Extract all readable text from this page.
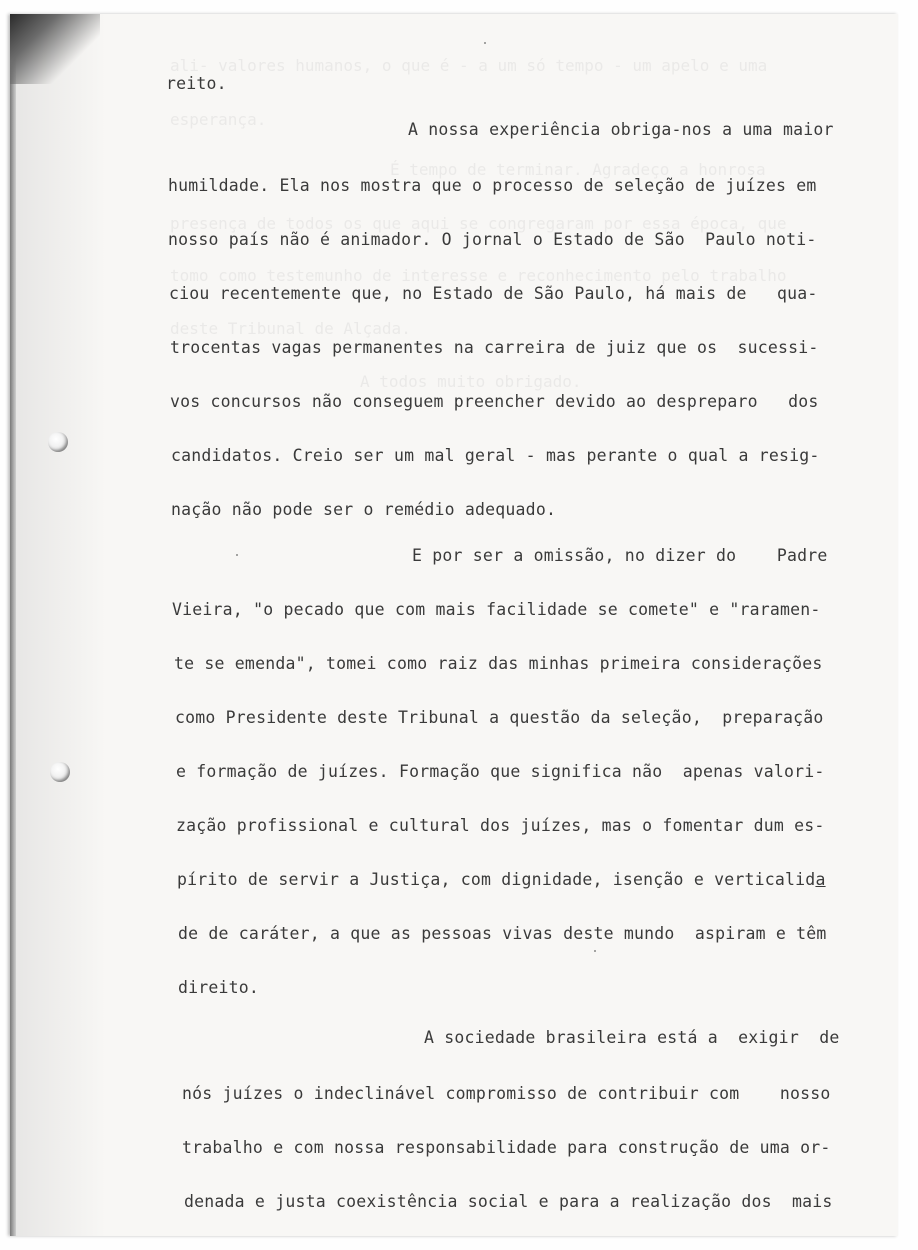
ali- valores humanos, o que é - a um só tempo - um apelo e uma
esperança.
É tempo de terminar. Agradeço a honrosa
presença de todos os que aqui se congregaram por essa época, que
tomo como testemunho de interesse e reconhecimento pelo trabalho
deste Tribunal de Alçada.
A todos muito obrigado.
reito.
A nossa experiência obriga-nos a uma maior
humildade. Ela nos mostra que o processo de seleção de juízes em
nosso país não é animador. O jornal o Estado de São  Paulo noti-
ciou recentemente que, no Estado de São Paulo, há mais de   qua-
trocentas vagas permanentes na carreira de juiz que os  sucessi-
vos concursos não conseguem preencher devido ao despreparo   dos
candidatos. Creio ser um mal geral - mas perante o qual a resig-
nação não pode ser o remédio adequado.
E por ser a omissão, no dizer do    Padre
Vieira, "o pecado que com mais facilidade se comete" e "raramen-
te se emenda", tomei como raiz das minhas primeira considerações
como Presidente deste Tribunal a questão da seleção,  preparação
e formação de juízes. Formação que significa não  apenas valori-
zação profissional e cultural dos juízes, mas o fomentar dum es-
pírito de servir a Justiça, com dignidade, isenção e verticalida
de de caráter, a que as pessoas vivas deste mundo  aspiram e têm
direito.
A sociedade brasileira está a  exigir  de
nós juízes o indeclinável compromisso de contribuir com    nosso
trabalho e com nossa responsabilidade para construção de uma or-
denada e justa coexistência social e para a realização dos  mais
